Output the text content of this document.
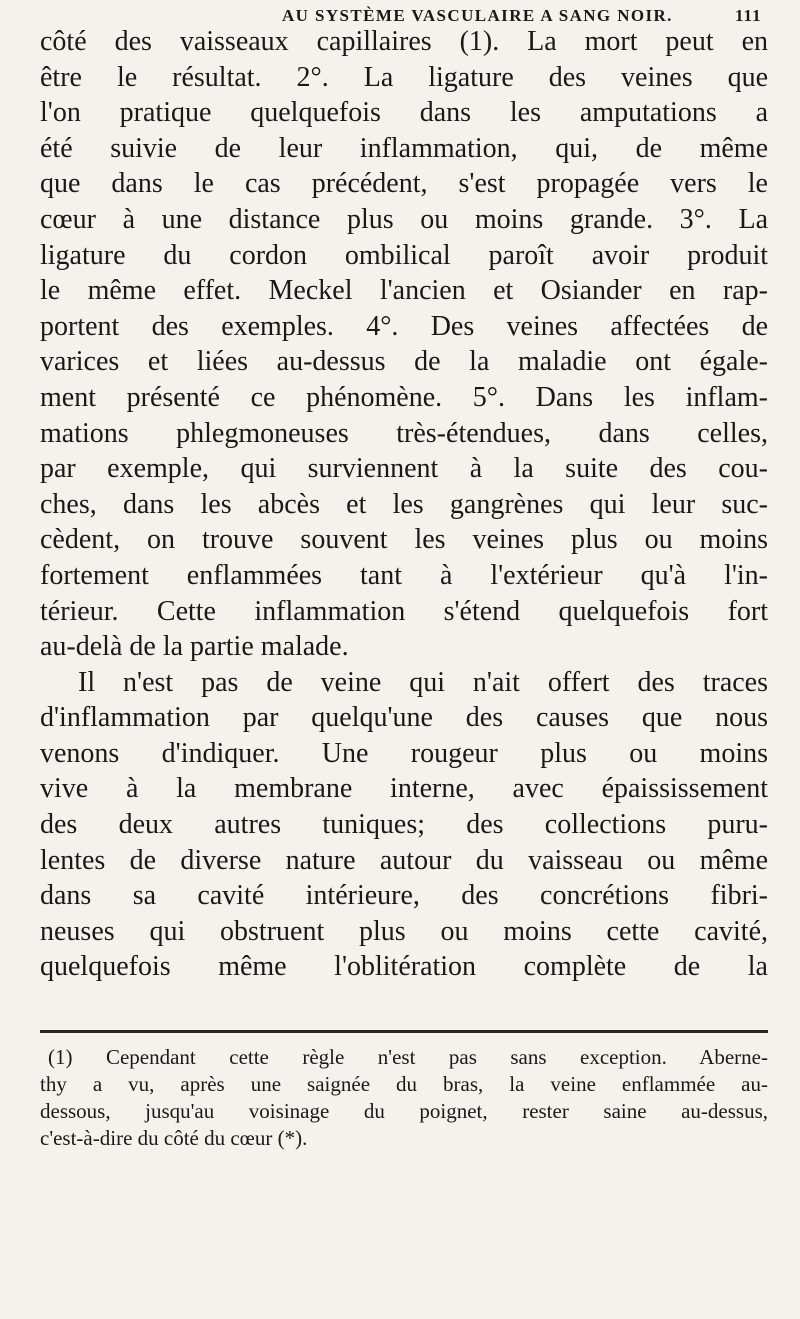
AU SYSTÈME VASCULAIRE A SANG NOIR.	111
côté des vaisseaux capillaires (1). La mort peut en
être le résultat. 2°. La ligature des veines que
l'on pratique quelquefois dans les amputations a
été suivie de leur inflammation, qui, de même
que dans le cas précédent, s'est propagée vers le
cœur à une distance plus ou moins grande. 3°. La
ligature du cordon ombilical paroît avoir produit
le même effet. Meckel l'ancien et Osiander en rap-
portent des exemples. 4°. Des veines affectées de
varices et liées au-dessus de la maladie ont égale-
ment présenté ce phénomène. 5°. Dans les inflam-
mations phlegmoneuses très-étendues, dans celles,
par exemple, qui surviennent à la suite des cou-
ches, dans les abcès et les gangrènes qui leur suc-
cèdent, on trouve souvent les veines plus ou moins
fortement enflammées tant à l'extérieur qu'à l'in-
térieur. Cette inflammation s'étend quelquefois fort
au-delà de la partie malade.
Il n'est pas de veine qui n'ait offert des traces
d'inflammation par quelqu'une des causes que nous
venons d'indiquer. Une rougeur plus ou moins
vive à la membrane interne, avec épaississement
des deux autres tuniques; des collections puru-
lentes de diverse nature autour du vaisseau ou même
dans sa cavité intérieure, des concrétions fibri-
neuses qui obstruent plus ou moins cette cavité,
quelquefois même l'oblitération complète de la
(1) Cependant cette règle n'est pas sans exception. Aberne-
thy a vu, après une saignée du bras, la veine enflammée au-
dessous, jusqu'au voisinage du poignet, rester saine au-dessus,
c'est-à-dire du côté du cœur (*).
